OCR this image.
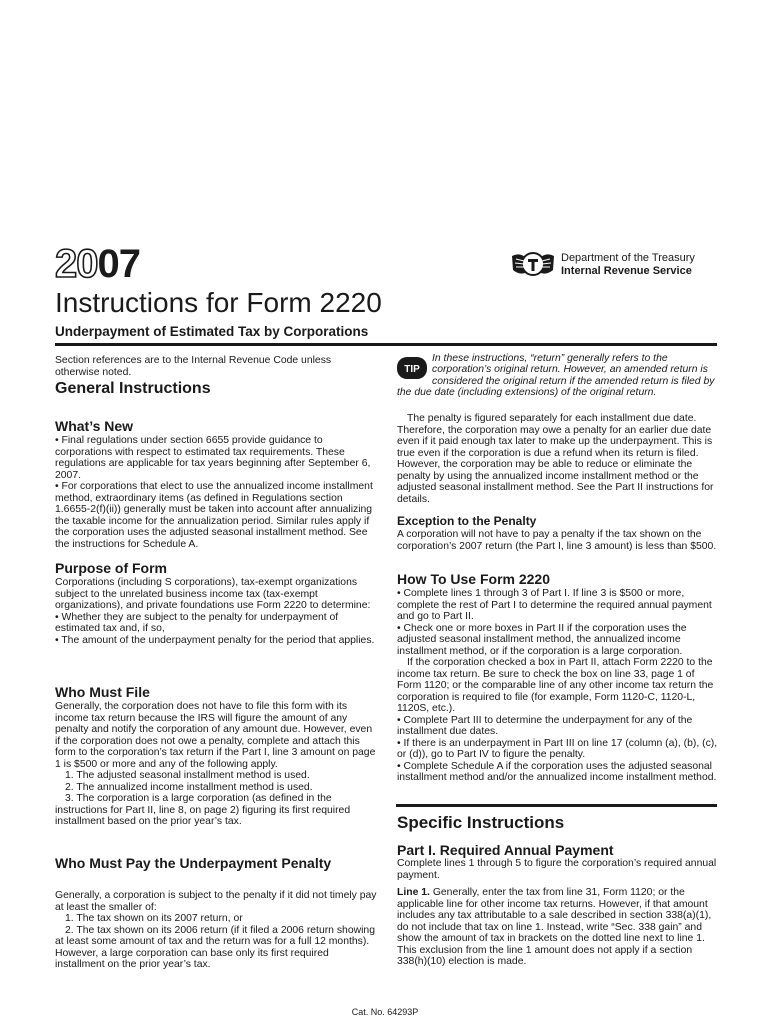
2007	Department of the Treasury
Internal Revenue Service
Instructions for Form 2220
Underpayment of Estimated Tax by Corporations

Section references are to the Internal Revenue Code unless otherwise noted.

General Instructions
What’s New

• Final regulations under section 6655 provide guidance to corporations with respect to estimated tax requirements. These regulations are applicable for tax years beginning after September 6, 2007.

• For corporations that elect to use the annualized income installment method, extraordinary items (as defined in Regulations section 1.6655-2(f)(ii)) generally must be taken into account after annualizing the taxable income for the annualization period. Similar rules apply if the corporation uses the adjusted seasonal installment method. See the instructions for Schedule A.

Purpose of Form

Corporations (including S corporations), tax-exempt organizations subject to the unrelated business income tax (tax-exempt organizations), and private foundations use Form 2220 to determine:

• Whether they are subject to the penalty for underpayment of estimated tax and, if so,

• The amount of the underpayment penalty for the period that applies.

Who Must File

Generally, the corporation does not have to file this form with its income tax return because the IRS will figure the amount of any penalty and notify the corporation of any amount due. However, even if the corporation does not owe a penalty, complete and attach this form to the corporation’s tax return if the Part I, line 3 amount on page 1 is $500 or more and any of the following apply.

1. The adjusted seasonal installment method is used.

2. The annualized income installment method is used.

3. The corporation is a large corporation (as defined in the instructions for Part II, line 8, on page 2) figuring its first required installment based on the prior year’s tax.

Who Must Pay the Underpayment Penalty

Generally, a corporation is subject to the penalty if it did not timely pay at least the smaller of:

1. The tax shown on its 2007 return, or

2. The tax shown on its 2006 return (if it filed a 2006 return showing at least some amount of tax and the return was for a full 12 months). However, a large corporation can base only its first required installment on the prior year’s tax.

In these instructions, “return” generally refers to the corporation’s original return. However, an amended return is considered the original return if the amended return is filed by the due date (including extensions) of the original return.
TIP

The penalty is figured separately for each installment due date. Therefore, the corporation may owe a penalty for an earlier due date even if it paid enough tax later to make up the underpayment. This is true even if the corporation is due a refund when its return is filed. However, the corporation may be able to reduce or eliminate the penalty by using the annualized income installment method or the adjusted seasonal installment method. See the Part II instructions for details.

Exception to the Penalty

A corporation will not have to pay a penalty if the tax shown on the corporation’s 2007 return (the Part I, line 3 amount) is less than $500.

How To Use Form 2220

• Complete lines 1 through 3 of Part I. If line 3 is $500 or more, complete the rest of Part I to determine the required annual payment and go to Part II.

• Check one or more boxes in Part II if the corporation uses the adjusted seasonal installment method, the annualized income installment method, or if the corporation is a large corporation.

If the corporation checked a box in Part II, attach Form 2220 to the income tax return. Be sure to check the box on line 33, page 1 of Form 1120; or the comparable line of any other income tax return the corporation is required to file (for example, Form 1120-C, 1120-L, 1120S, etc.).

• Complete Part III to determine the underpayment for any of the installment due dates.

• If there is an underpayment in Part III on line 17 (column (a), (b), (c), or (d)), go to Part IV to figure the penalty.

• Complete Schedule A if the corporation uses the adjusted seasonal installment method and/or the annualized income installment method.

Specific Instructions
Part I. Required Annual Payment

Complete lines 1 through 5 to figure the corporation’s required annual payment.

Line 1. Generally, enter the tax from line 31, Form 1120; or the applicable line for other income tax returns. However, if that amount includes any tax attributable to a sale described in section 338(a)(1), do not include that tax on line 1. Instead, write “Sec. 338 gain” and show the amount of tax in brackets on the dotted line next to line 1. This exclusion from the line 1 amount does not apply if a section 338(h)(10) election is made.

Cat. No. 64293P
